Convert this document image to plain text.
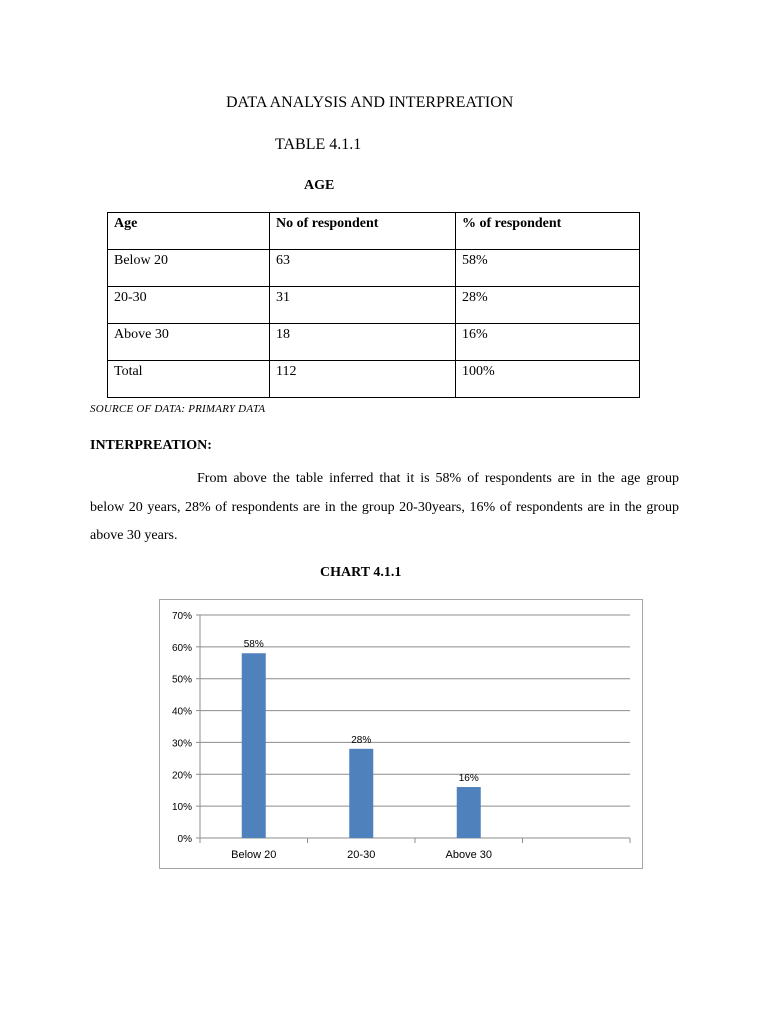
DATA ANALYSIS AND INTERPREATION
TABLE 4.1.1
AGE
Age	No of respondent	% of respondent
Below 20	63	58%
20-30	31	28%
Above 30	18	16%
Total	112	100%
SOURCE OF DATA: PRIMARY DATA
INTERPREATION:
From above the table inferred that it is 58% of respondents are in the age group below 20 years, 28% of respondents are in the group 20-30years, 16% of respondents are in the group above 30 years.
CHART 4.1.1
0%
10%
20%
30%
40%
50%
60%
70%
58%
Below 20
28%
20-30
16%
Above 30
